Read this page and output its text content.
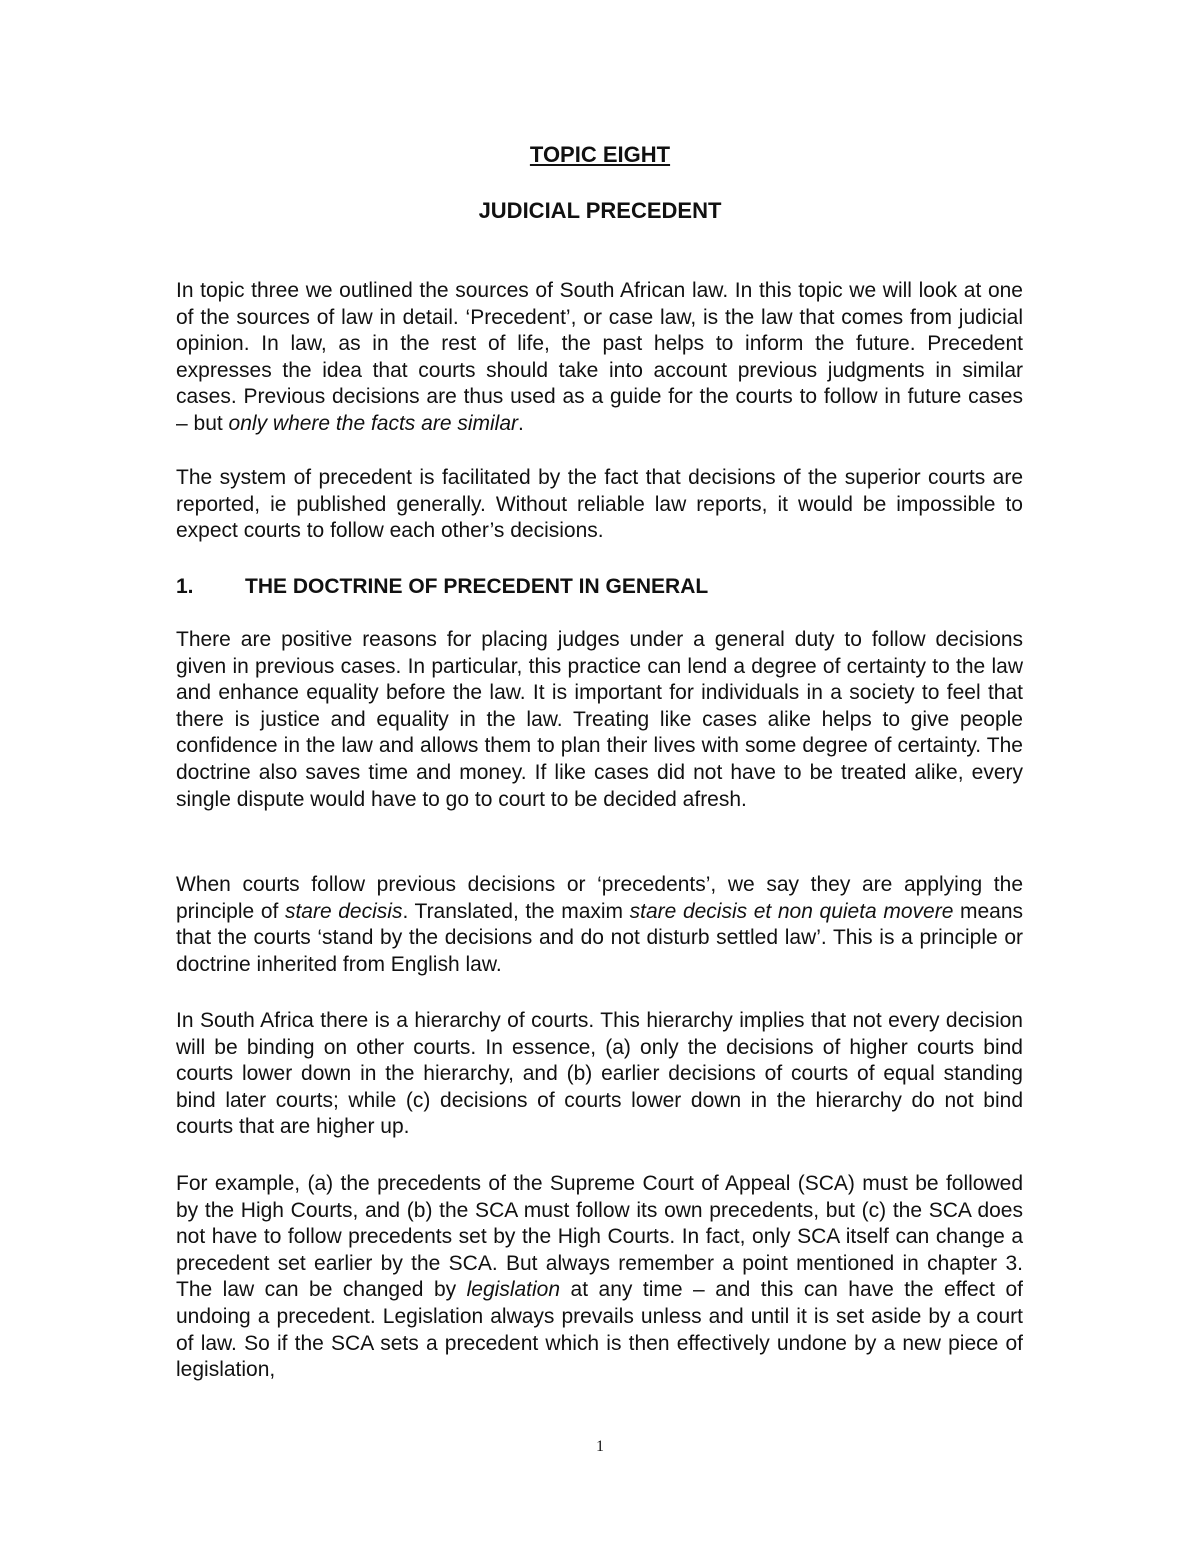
TOPIC EIGHT
JUDICIAL PRECEDENT

In topic three we outlined the sources of South African law. In this topic we will look at one of the sources of law in detail. ‘Precedent’, or case law, is the law that comes from judicial opinion. In law, as in the rest of life, the past helps to inform the future. Precedent expresses the idea that courts should take into account previous judgments in similar cases. Previous decisions are thus used as a guide for the courts to follow in future cases – but only where the facts are similar.

The system of precedent is facilitated by the fact that decisions of the superior courts are reported, ie published generally. Without reliable law reports, it would be impossible to expect courts to follow each other’s decisions.

1. THE DOCTRINE OF PRECEDENT IN GENERAL

There are positive reasons for placing judges under a general duty to follow decisions given in previous cases. In particular, this practice can lend a degree of certainty to the law and enhance equality before the law. It is important for individuals in a society to feel that there is justice and equality in the law. Treating like cases alike helps to give people confidence in the law and allows them to plan their lives with some degree of certainty. The doctrine also saves time and money. If like cases did not have to be treated alike, every single dispute would have to go to court to be decided afresh.

When courts follow previous decisions or ‘precedents’, we say they are applying the principle of stare decisis. Translated, the maxim stare decisis et non quieta movere means that the courts ‘stand by the decisions and do not disturb settled law’. This is a principle or doctrine inherited from English law.

In South Africa there is a hierarchy of courts. This hierarchy implies that not every decision will be binding on other courts. In essence, (a) only the decisions of higher courts bind courts lower down in the hierarchy, and (b) earlier decisions of courts of equal standing bind later courts; while (c) decisions of courts lower down in the hierarchy do not bind courts that are higher up.

For example, (a) the precedents of the Supreme Court of Appeal (SCA) must be followed by the High Courts, and (b) the SCA must follow its own precedents, but (c) the SCA does not have to follow precedents set by the High Courts. In fact, only SCA itself can change a precedent set earlier by the SCA. But always remember a point mentioned in chapter 3. The law can be changed by legislation at any time – and this can have the effect of undoing a precedent. Legislation always prevails unless and until it is set aside by a court of law. So if the SCA sets a precedent which is then effectively undone by a new piece of legislation,

1
